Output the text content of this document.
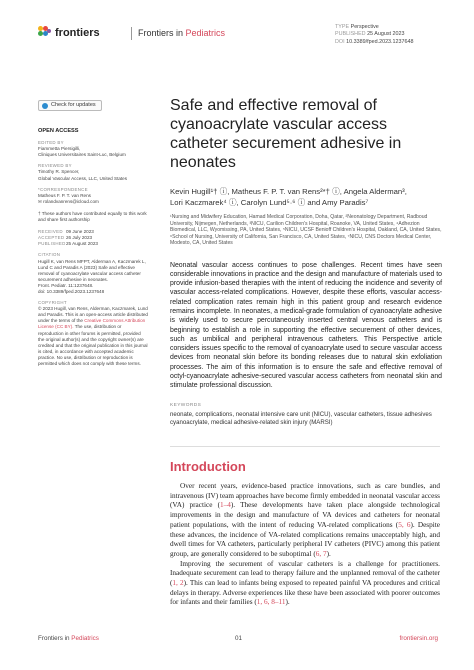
frontiers	Frontiers in Pediatrics
TYPE Perspective
PUBLISHED 25 August 2023
DOI 10.3389/fped.2023.1237648
Check for updates
OPEN ACCESS
EDITED BY
Fiammetta Piersigilli,
Cliniques Universitaires Saint-Luc, Belgium
REVIEWED BY
Timothy R. Spencer,
Global Vascular Access, LLC, United States
*CORRESPONDENCE
Matheus F. P. T. van Rens
✉ rolandvanrens@icloud.com
† These authors have contributed equally to this work and share first authorship
RECEIVED 09 June 2023
ACCEPTED 26 July 2023
PUBLISHED 25 August 2023
CITATION
Hugill K, van Rens MFPT, Alderman A, Kaczmarek L, Lund C and Paradis A (2023) Safe and effective removal of cyanoacrylate vascular access catheter securement adhesive in neonates.
Front. Pediatr. 11:1237648.
doi: 10.3389/fped.2023.1237648
COPYRIGHT
© 2023 Hugill, van Rens, Alderman, Kaczmarek, Lund and Paradis. This is an open-access article distributed under the terms of the Creative Commons Attribution License (CC BY). The use, distribution or reproduction in other forums is permitted, provided the original author(s) and the copyright owner(s) are credited and that the original publication in this journal is cited, in accordance with accepted academic practice. No use, distribution or reproduction is permitted which does not comply with these terms.
Safe and effective removal of cyanoacrylate vascular access catheter securement adhesive in neonates
Kevin Hugill¹† ⓘ, Matheus F. P. T. van Rens²*† ⓘ, Angela Alderman³,
Lori Kaczmarek⁴ ⓘ, Carolyn Lund⁵·⁶ ⓘ and Amy Paradis⁷
¹Nursing and Midwifery Education, Hamad Medical Corporation, Doha, Qatar, ²Neonatology Department, Radboud University, Nijmegen, Netherlands, ³NICU, Carilion Children's Hospital, Roanoke, VA, United States, ⁴Adhezion Biomedical, LLC, Wyomissing, PA, United States, ⁵NICU, UCSF Benioff Children's Hospital, Oakland, CA, United States, ⁶School of Nursing, University of California, San Francisco, CA, United States, ⁷NICU, CNS Doctors Medical Center, Modesto, CA, United States
Neonatal vascular access continues to pose challenges. Recent times have seen considerable innovations in practice and the design and manufacture of materials used to provide infusion-based therapies with the intent of reducing the incidence and severity of vascular access-related complications. However, despite these efforts, vascular access-related complication rates remain high in this patient group and research evidence remains incomplete. In neonates, a medical-grade formulation of cyanoacrylate adhesive is widely used to secure percutaneously inserted central venous catheters and is beginning to establish a role in supporting the effective securement of other devices, such as umbilical and peripheral intravenous catheters. This Perspective article considers issues specific to the removal of cyanoacrylate used to secure vascular access devices from neonatal skin before its bonding releases due to natural skin exfoliation processes. The aim of this information is to ensure the safe and effective removal of octyl-cyanoacrylate adhesive-secured vascular access catheters from neonatal skin and stimulate professional discussion.
KEYWORDS
neonate, complications, neonatal intensive care unit (NICU), vascular catheters, tissue adhesives cyanoacrylate, medical adhesive-related skin injury (MARSI)
Introduction

Over recent years, evidence-based practice innovations, such as care bundles, and intravenous (IV) team approaches have become firmly embedded in neonatal vascular access (VA) practice (1–4). These developments have taken place alongside technological improvements in the design and manufacture of VA devices and catheters for neonatal patient populations, with the intent of reducing VA-related complications (5, 6). Despite these advances, the incidence of VA-related complications remains unacceptably high, and dwell times for VA catheters, particularly peripheral IV catheters (PIVC) among this patient group, are generally considered to be suboptimal (6, 7).

Improving the securement of vascular catheters is a challenge for practitioners. Inadequate securement can lead to therapy failure and the unplanned removal of the catheter (1, 2). This can lead to infants being exposed to repeated painful VA procedures and critical delays in therapy. Adverse experiences like these have been associated with poorer outcomes for infants and their families (1, 6, 8–11).

Frontiers in Pediatrics	01	frontiersin.org
